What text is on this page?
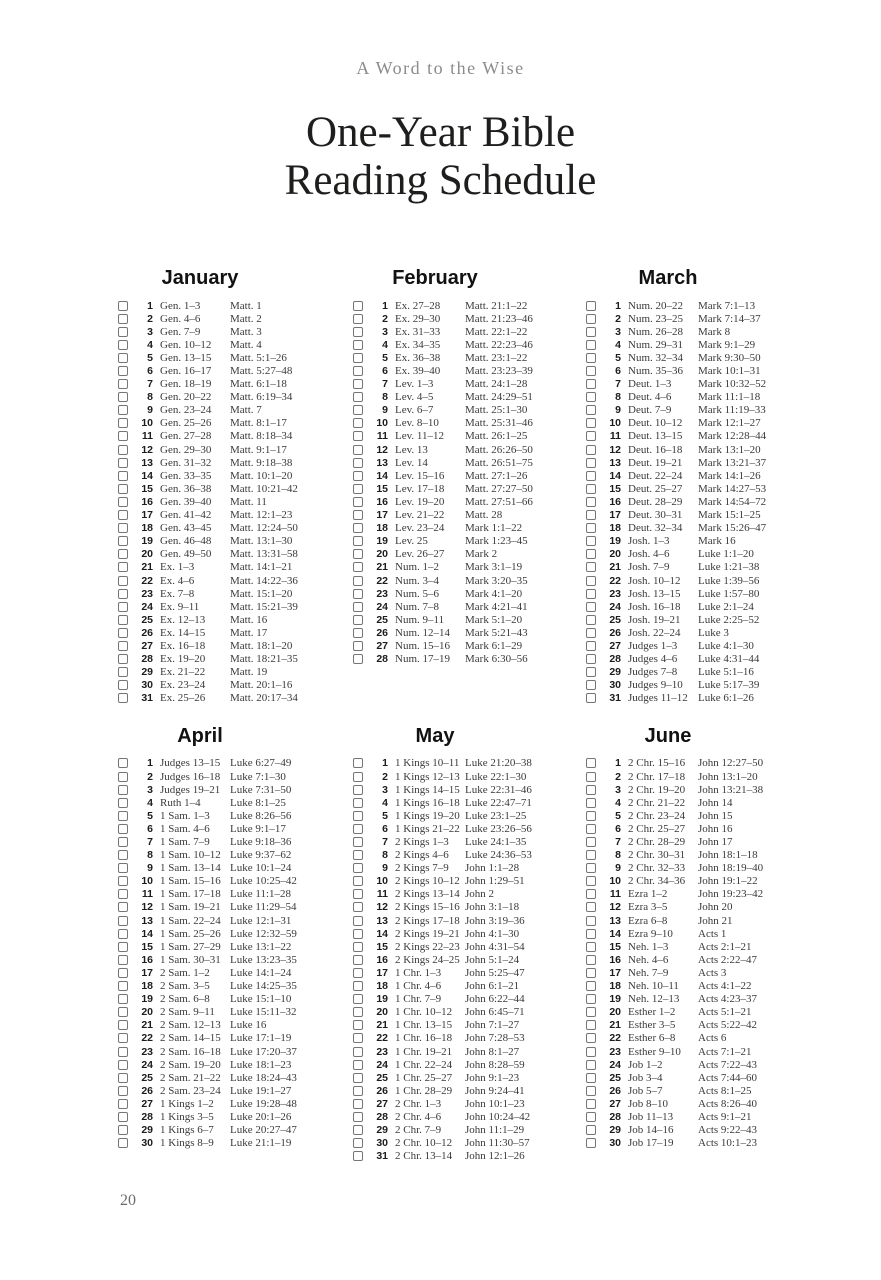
A Word to the Wise
One-Year Bible
Reading Schedule
January
1 Gen. 1–3	Matt. 1
2 Gen. 4–6	Matt. 2
3 Gen. 7–9	Matt. 3
4 Gen. 10–12	Matt. 4
5 Gen. 13–15	Matt. 5:1–26
6 Gen. 16–17	Matt. 5:27–48
7 Gen. 18–19	Matt. 6:1–18
8 Gen. 20–22	Matt. 6:19–34
9 Gen. 23–24	Matt. 7
10 Gen. 25–26	Matt. 8:1–17
11 Gen. 27–28	Matt. 8:18–34
12 Gen. 29–30	Matt. 9:1–17
13 Gen. 31–32	Matt. 9:18–38
14 Gen. 33–35	Matt. 10:1–20
15 Gen. 36–38	Matt. 10:21–42
16 Gen. 39–40	Matt. 11
17 Gen. 41–42	Matt. 12:1–23
18 Gen. 43–45	Matt. 12:24–50
19 Gen. 46–48	Matt. 13:1–30
20 Gen. 49–50	Matt. 13:31–58
21 Ex. 1–3	Matt. 14:1–21
22 Ex. 4–6	Matt. 14:22–36
23 Ex. 7–8	Matt. 15:1–20
24 Ex. 9–11	Matt. 15:21–39
25 Ex. 12–13	Matt. 16
26 Ex. 14–15	Matt. 17
27 Ex. 16–18	Matt. 18:1–20
28 Ex. 19–20	Matt. 18:21–35
29 Ex. 21–22	Matt. 19
30 Ex. 23–24	Matt. 20:1–16
31 Ex. 25–26	Matt. 20:17–34
February
1 Ex. 27–28	Matt. 21:1–22
2 Ex. 29–30	Matt. 21:23–46
3 Ex. 31–33	Matt. 22:1–22
4 Ex. 34–35	Matt. 22:23–46
5 Ex. 36–38	Matt. 23:1–22
6 Ex. 39–40	Matt. 23:23–39
7 Lev. 1–3	Matt. 24:1–28
8 Lev. 4–5	Matt. 24:29–51
9 Lev. 6–7	Matt. 25:1–30
10 Lev. 8–10	Matt. 25:31–46
11 Lev. 11–12	Matt. 26:1–25
12 Lev. 13	Matt. 26:26–50
13 Lev. 14	Matt. 26:51–75
14 Lev. 15–16	Matt. 27:1–26
15 Lev. 17–18	Matt. 27:27–50
16 Lev. 19–20	Matt. 27:51–66
17 Lev. 21–22	Matt. 28
18 Lev. 23–24	Mark 1:1–22
19 Lev. 25	Mark 1:23–45
20 Lev. 26–27	Mark 2
21 Num. 1–2	Mark 3:1–19
22 Num. 3–4	Mark 3:20–35
23 Num. 5–6	Mark 4:1–20
24 Num. 7–8	Mark 4:21–41
25 Num. 9–11	Mark 5:1–20
26 Num. 12–14	Mark 5:21–43
27 Num. 15–16	Mark 6:1–29
28 Num. 17–19	Mark 6:30–56
March
1 Num. 20–22	Mark 7:1–13
2 Num. 23–25	Mark 7:14–37
3 Num. 26–28	Mark 8
4 Num. 29–31	Mark 9:1–29
5 Num. 32–34	Mark 9:30–50
6 Num. 35–36	Mark 10:1–31
7 Deut. 1–3	Mark 10:32–52
8 Deut. 4–6	Mark 11:1–18
9 Deut. 7–9	Mark 11:19–33
10 Deut. 10–12	Mark 12:1–27
11 Deut. 13–15	Mark 12:28–44
12 Deut. 16–18	Mark 13:1–20
13 Deut. 19–21	Mark 13:21–37
14 Deut. 22–24	Mark 14:1–26
15 Deut. 25–27	Mark 14:27–53
16 Deut. 28–29	Mark 14:54–72
17 Deut. 30–31	Mark 15:1–25
18 Deut. 32–34	Mark 15:26–47
19 Josh. 1–3	Mark 16
20 Josh. 4–6	Luke 1:1–20
21 Josh. 7–9	Luke 1:21–38
22 Josh. 10–12	Luke 1:39–56
23 Josh. 13–15	Luke 1:57–80
24 Josh. 16–18	Luke 2:1–24
25 Josh. 19–21	Luke 2:25–52
26 Josh. 22–24	Luke 3
27 Judges 1–3	Luke 4:1–30
28 Judges 4–6	Luke 4:31–44
29 Judges 7–8	Luke 5:1–16
30 Judges 9–10	Luke 5:17–39
31 Judges 11–12 Luke 6:1–26
April
1 Judges 13–15 Luke 6:27–49
2 Judges 16–18 Luke 7:1–30
3 Judges 19–21 Luke 7:31–50
4 Ruth 1–4	Luke 8:1–25
5 1 Sam. 1–3	Luke 8:26–56
6 1 Sam. 4–6	Luke 9:1–17
7 1 Sam. 7–9	Luke 9:18–36
8 1 Sam. 10–12 Luke 9:37–62
9 1 Sam. 13–14 Luke 10:1–24
10 1 Sam. 15–16 Luke 10:25–42
11 1 Sam. 17–18 Luke 11:1–28
12 1 Sam. 19–21 Luke 11:29–54
13 1 Sam. 22–24 Luke 12:1–31
14 1 Sam. 25–26 Luke 12:32–59
15 1 Sam. 27–29 Luke 13:1–22
16 1 Sam. 30–31 Luke 13:23–35
17 2 Sam. 1–2	Luke 14:1–24
18 2 Sam. 3–5	Luke 14:25–35
19 2 Sam. 6–8	Luke 15:1–10
20 2 Sam. 9–11	Luke 15:11–32
21 2 Sam. 12–13 Luke 16
22 2 Sam. 14–15 Luke 17:1–19
23 2 Sam. 16–18 Luke 17:20–37
24 2 Sam. 19–20 Luke 18:1–23
25 2 Sam. 21–22 Luke 18:24–43
26 2 Sam. 23–24 Luke 19:1–27
27 1 Kings 1–2	Luke 19:28–48
28 1 Kings 3–5	Luke 20:1–26
29 1 Kings 6–7	Luke 20:27–47
30 1 Kings 8–9	Luke 21:1–19
May
1 1 Kings 10–11 Luke 21:20–38
2 1 Kings 12–13 Luke 22:1–30
3 1 Kings 14–15 Luke 22:31–46
4 1 Kings 16–18 Luke 22:47–71
5 1 Kings 19–20 Luke 23:1–25
6 1 Kings 21–22 Luke 23:26–56
7 2 Kings 1–3	Luke 24:1–35
8 2 Kings 4–6	Luke 24:36–53
9 2 Kings 7–9	John 1:1–28
10 2 Kings 10–12 John 1:29–51
11 2 Kings 13–14 John 2
12 2 Kings 15–16 John 3:1–18
13 2 Kings 17–18 John 3:19–36
14 2 Kings 19–21 John 4:1–30
15 2 Kings 22–23 John 4:31–54
16 2 Kings 24–25 John 5:1–24
17 1 Chr. 1–3	John 5:25–47
18 1 Chr. 4–6	John 6:1–21
19 1 Chr. 7–9	John 6:22–44
20 1 Chr. 10–12	John 6:45–71
21 1 Chr. 13–15	John 7:1–27
22 1 Chr. 16–18	John 7:28–53
23 1 Chr. 19–21	John 8:1–27
24 1 Chr. 22–24	John 8:28–59
25 1 Chr. 25–27	John 9:1–23
26 1 Chr. 28–29	John 9:24–41
27 2 Chr. 1–3	John 10:1–23
28 2 Chr. 4–6	John 10:24–42
29 2 Chr. 7–9	John 11:1–29
30 2 Chr. 10–12	John 11:30–57
31 2 Chr. 13–14	John 12:1–26
June
1 2 Chr. 15–16	John 12:27–50
2 2 Chr. 17–18	John 13:1–20
3 2 Chr. 19–20	John 13:21–38
4 2 Chr. 21–22	John 14
5 2 Chr. 23–24	John 15
6 2 Chr. 25–27	John 16
7 2 Chr. 28–29	John 17
8 2 Chr. 30–31	John 18:1–18
9 2 Chr. 32–33	John 18:19–40
10 2 Chr. 34–36	John 19:1–22
11 Ezra 1–2	John 19:23–42
12 Ezra 3–5	John 20
13 Ezra 6–8	John 21
14 Ezra 9–10	Acts 1
15 Neh. 1–3	Acts 2:1–21
16 Neh. 4–6	Acts 2:22–47
17 Neh. 7–9	Acts 3
18 Neh. 10–11	Acts 4:1–22
19 Neh. 12–13	Acts 4:23–37
20 Esther 1–2	Acts 5:1–21
21 Esther 3–5	Acts 5:22–42
22 Esther 6–8	Acts 6
23 Esther 9–10	Acts 7:1–21
24 Job 1–2	Acts 7:22–43
25 Job 3–4	Acts 7:44–60
26 Job 5–7	Acts 8:1–25
27 Job 8–10	Acts 8:26–40
28 Job 11–13	Acts 9:1–21
29 Job 14–16	Acts 9:22–43
30 Job 17–19	Acts 10:1–23
20
